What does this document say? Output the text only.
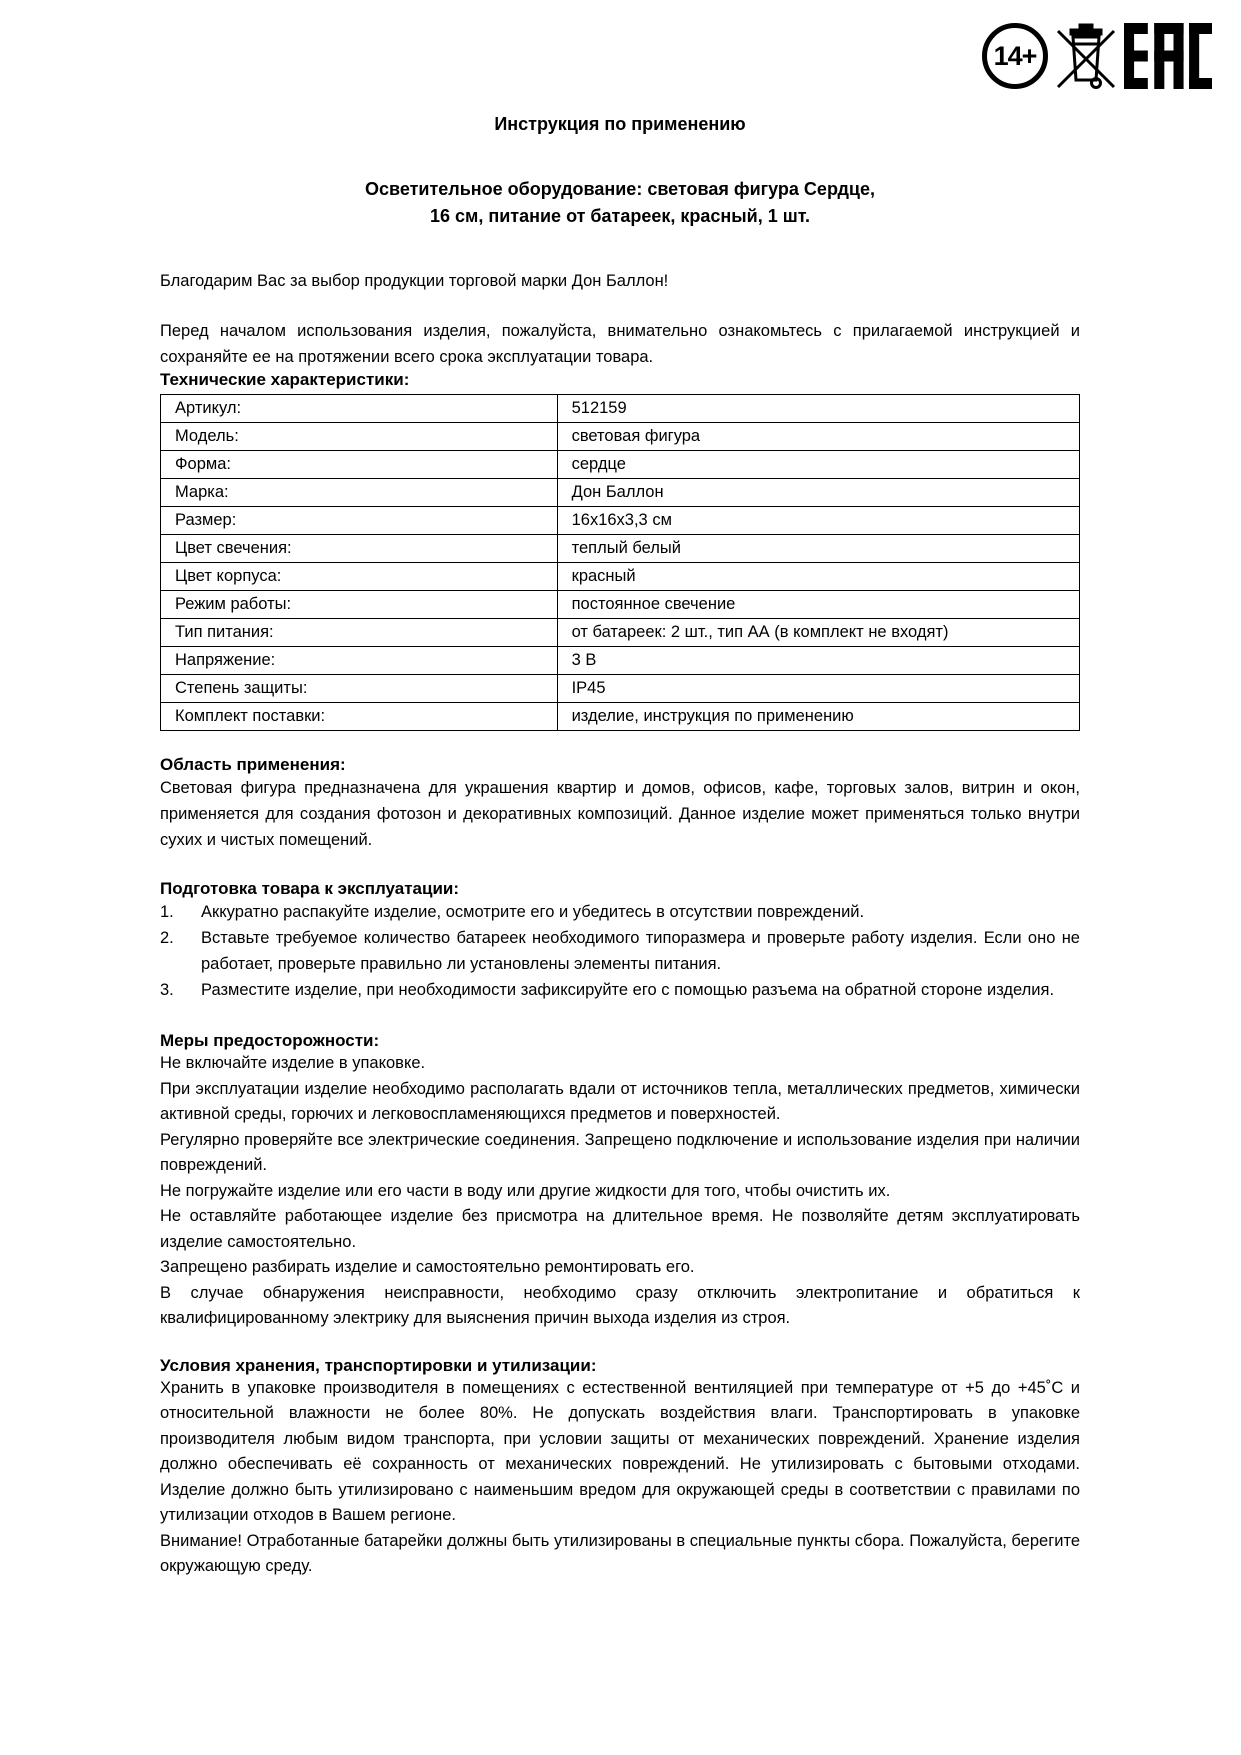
14+
Инструкция по применению
Осветительное оборудование: световая фигура Сердце,
16 см, питание от батареек, красный, 1 шт.

Благодарим Вас за выбор продукции торговой марки Дон Баллон!

Перед началом использования изделия, пожалуйста, внимательно ознакомьтесь с прилагаемой инструкцией и сохраняйте ее на протяжении всего срока эксплуатации товара.

Технические характеристики:
Артикул:	512159
Модель:	световая фигура
Форма:	сердце
Марка:	Дон Баллон
Размер:	16х16х3,3 см
Цвет свечения:	теплый белый
Цвет корпуса:	красный
Режим работы:	постоянное свечение
Тип питания:	от батареек: 2 шт., тип АА (в комплект не входят)
Напряжение:	3 В
Степень защиты:	IP45
Комплект поставки:	изделие, инструкция по применению
Область применения:

Световая фигура предназначена для украшения квартир и домов, офисов, кафе, торговых залов, витрин и окон, применяется для создания фотозон и декоративных композиций. Данное изделие может применяться только внутри сухих и чистых помещений.

Подготовка товара к эксплуатации:
1. Аккуратно распакуйте изделие, осмотрите его и убедитесь в отсутствии повреждений.
2. Вставьте требуемое количество батареек необходимого типоразмера и проверьте работу изделия. Если оно не работает, проверьте правильно ли установлены элементы питания.
3. Разместите изделие, при необходимости зафиксируйте его с помощью разъема на обратной стороне изделия.
Меры предосторожности:

Не включайте изделие в упаковке.

При эксплуатации изделие необходимо располагать вдали от источников тепла, металлических предметов, химически активной среды, горючих и легковоспламеняющихся предметов и поверхностей.

Регулярно проверяйте все электрические соединения. Запрещено подключение и использование изделия при наличии повреждений.

Не погружайте изделие или его части в воду или другие жидкости для того, чтобы очистить их.

Не оставляйте работающее изделие без присмотра на длительное время. Не позволяйте детям эксплуатировать изделие самостоятельно.

Запрещено разбирать изделие и самостоятельно ремонтировать его.

В случае обнаружения неисправности, необходимо сразу отключить электропитание и обратиться к квалифицированному электрику для выяснения причин выхода изделия из строя.

Условия хранения, транспортировки и утилизации:

Хранить в упаковке производителя в помещениях с естественной вентиляцией при температуре от +5 до +45˚С и относительной влажности не более 80%. Не допускать воздействия влаги. Транспортировать в упаковке производителя любым видом транспорта, при условии защиты от механических повреждений. Хранение изделия должно обеспечивать её сохранность от механических повреждений. Не утилизировать с бытовыми отходами. Изделие должно быть утилизировано с наименьшим вредом для окружающей среды в соответствии с правилами по утилизации отходов в Вашем регионе.

Внимание! Отработанные батарейки должны быть утилизированы в специальные пункты сбора. Пожалуйста, берегите окружающую среду.
